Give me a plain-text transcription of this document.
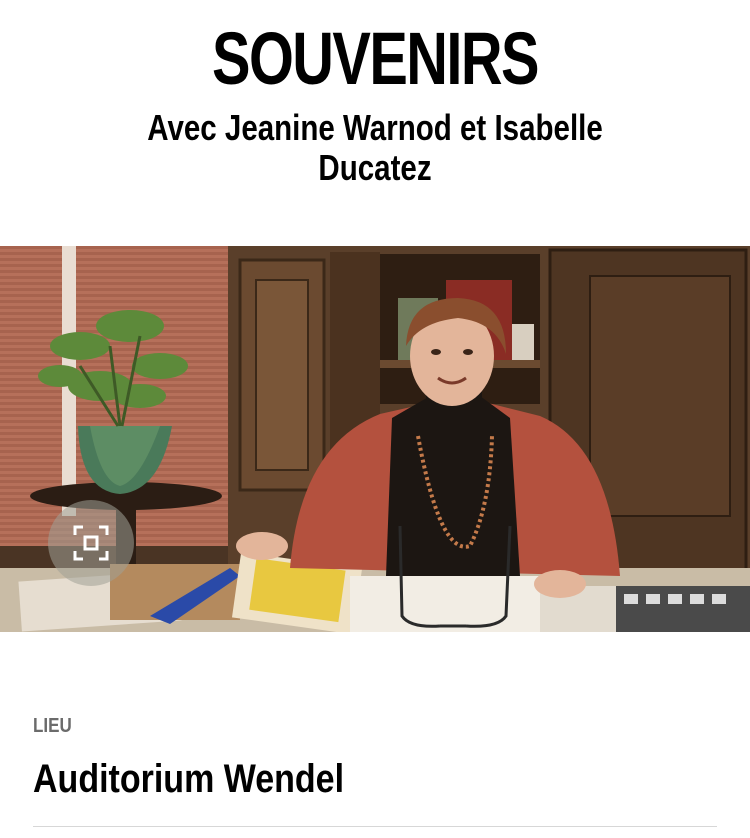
SOUVENIRS
Avec Jeanine Warnod et Isabelle Ducatez
LIEU
Auditorium Wendel
